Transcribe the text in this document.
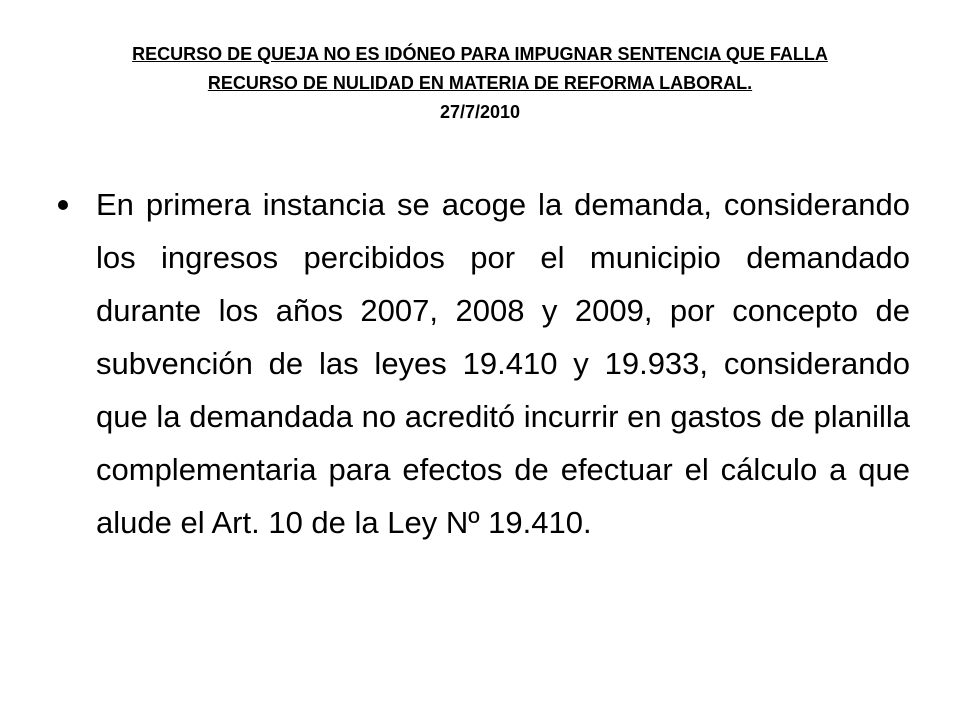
RECURSO DE QUEJA NO ES IDÓNEO PARA IMPUGNAR SENTENCIA QUE FALLA
RECURSO DE NULIDAD EN MATERIA DE REFORMA LABORAL.
27/7/2010
En primera instancia se acoge la demanda, considerando los ingresos percibidos por el municipio demandado durante los años 2007, 2008 y 2009, por concepto de subvención de las leyes 19.410 y 19.933, considerando que la demandada no acreditó incurrir en gastos de planilla complementaria para efectos de efectuar el cálculo a que alude el Art. 10 de la Ley Nº 19.410.
